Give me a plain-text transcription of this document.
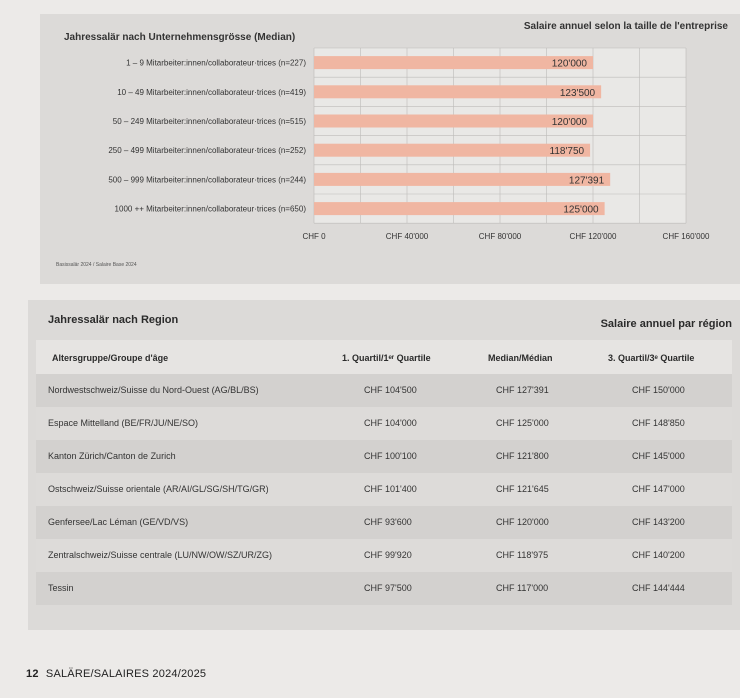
Jahressalär nach Unternehmensgrösse (Median)
Salaire annuel selon la taille de l'entreprise
1 – 9 Mitarbeiter:innen/collaborateur·trices (n=227)	120'000
10 – 49 Mitarbeiter:innen/collaborateur·trices (n=419)	123'500
50 – 249 Mitarbeiter:innen/collaborateur·trices (n=515)	120'000
250 – 499 Mitarbeiter:innen/collaborateur·trices (n=252)	118'750
500 – 999 Mitarbeiter:innen/collaborateur·trices (n=244)	127'391
1000 ++ Mitarbeiter:innen/collaborateur·trices (n=650)	125'000
CHF 0	CHF 40'000	CHF 80'000	CHF 120'000	CHF 160'000
Basissalär 2024 / Salaire Base 2024
Jahressalär nach Region	Salaire annuel par région
Altersgruppe/Groupe d'âge	1. Quartil/1ᵉʳ Quartile	Median/Médian	3. Quartil/3ᵉ Quartile
Nordwestschweiz/Suisse du Nord-Ouest (AG/BL/BS)	CHF 104'500	CHF 127'391	CHF 150'000
Espace Mittelland (BE/FR/JU/NE/SO)	CHF 104'000	CHF 125'000	CHF 148'850
Kanton Zürich/Canton de Zurich	CHF 100'100	CHF 121'800	CHF 145'000
Ostschweiz/Suisse orientale (AR/AI/GL/SG/SH/TG/GR)	CHF 101'400	CHF 121'645	CHF 147'000
Genfersee/Lac Léman (GE/VD/VS)	CHF 93'600	CHF 120'000	CHF 143'200
Zentralschweiz/Suisse centrale (LU/NW/OW/SZ/UR/ZG)	CHF 99'920	CHF 118'975	CHF 140'200
Tessin	CHF 97'500	CHF 117'000	CHF 144'444
12 SALÄRE/SALAIRES 2024/2025
